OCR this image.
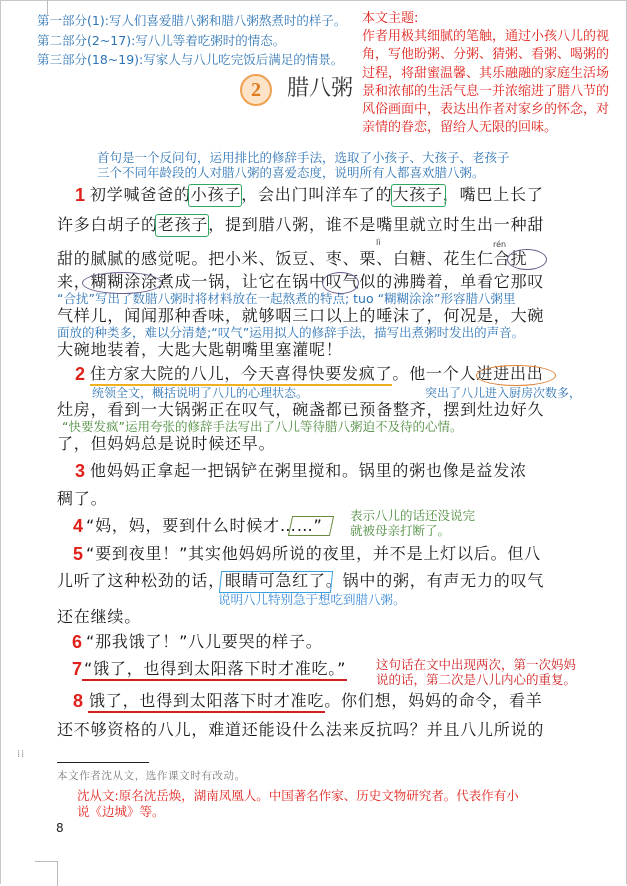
第一部分(1):写人们喜爱腊八粥和腊八粥熬煮时的样子。
第二部分(2~17):写八儿等着吃粥时的情态。
第三部分(18~19):写家人与八儿吃完饭后满足的情景。
本文主题:
作者用极其细腻的笔触，通过小孩八儿的视角，写他盼粥、分粥、猜粥、看粥、喝粥的过程，将甜蜜温馨、其乐融融的家庭生活场景和浓郁的生活气息一并浓缩进了腊八节的风俗画面中，表达出作者对家乡的怀念，对亲情的眷恋，留给人无限的回味。
2	腊八粥
首句是一个反问句，运用排比的修辞手法，选取了小孩子、大孩子、老孩子
三个不同年龄段的人对腊八粥的喜爱态度，说明所有人都喜欢腊八粥。
1 初学喊爸爸的小孩子，会出门叫洋车了的大孩子，嘴巴上长了
许多白胡子的老孩子，提到腊八粥，谁不是嘴里就立时生出一种甜
甜的腻腻的感觉呢。把小米、饭豆、枣、栗、白糖、花生仁合扰
来，糊糊涂涂煮成一锅，让它在锅中叹气似的沸腾着，单看它那叹
“合扰”写出了数腊八粥时将材料放在一起熬煮的特点; tuo “糊糊涂涂”形容腊八粥里
气样儿，闻闻那种香味，就够咽三口以上的唾沫了，何况是，大碗
面放的种类多，难以分清楚;“叹气”运用拟人的修辞手法，描写出煮粥时发出的声音。
大碗地装着，大匙大匙朝嘴里塞灌呢！
lì	rén
2 住方家大院的八儿，今天喜得快要发疯了。他一个人进进出出
统领全文，概括说明了八儿的心理状态。	突出了八儿进入厨房次数多，
灶房，看到一大锅粥正在叹气，碗盏都已预备整齐，摆到灶边好久
“快要发疯”运用夸张的修辞手法写出了八儿等待腊八粥迫不及待的心情。
了，但妈妈总是说时候还早。
3 他妈妈正拿起一把锅铲在粥里搅和。锅里的粥也像是益发浓
稠了。
4 “妈，妈，要到什么时候才……”
表示八儿的话还没说完
就被母亲打断了。
5 “要到夜里！”其实他妈妈所说的夜里，并不是上灯以后。但八
儿听了这种松劲的话，眼睛可急红了。锅中的粥，有声无力的叹气
说明八儿特别急于想吃到腊八粥。
还在继续。
6 “那我饿了！”八儿要哭的样子。
7 “饿了，也得到太阳落下时才准吃。” 这句话在文中出现两次，第一次妈妈
说的话，第二次是八儿内心的重复。
8 饿了，也得到太阳落下时才准吃。你们想，妈妈的命令，看羊
还不够资格的八儿，难道还能设什么法来反抗吗？并且八儿所说的
⁞⁞
本文作者沈从文，选作课文时有改动。
沈从文:原名沈岳焕，湖南凤凰人。中国著名作家、历史文物研究者。代表作有小
说《边城》等。
8
